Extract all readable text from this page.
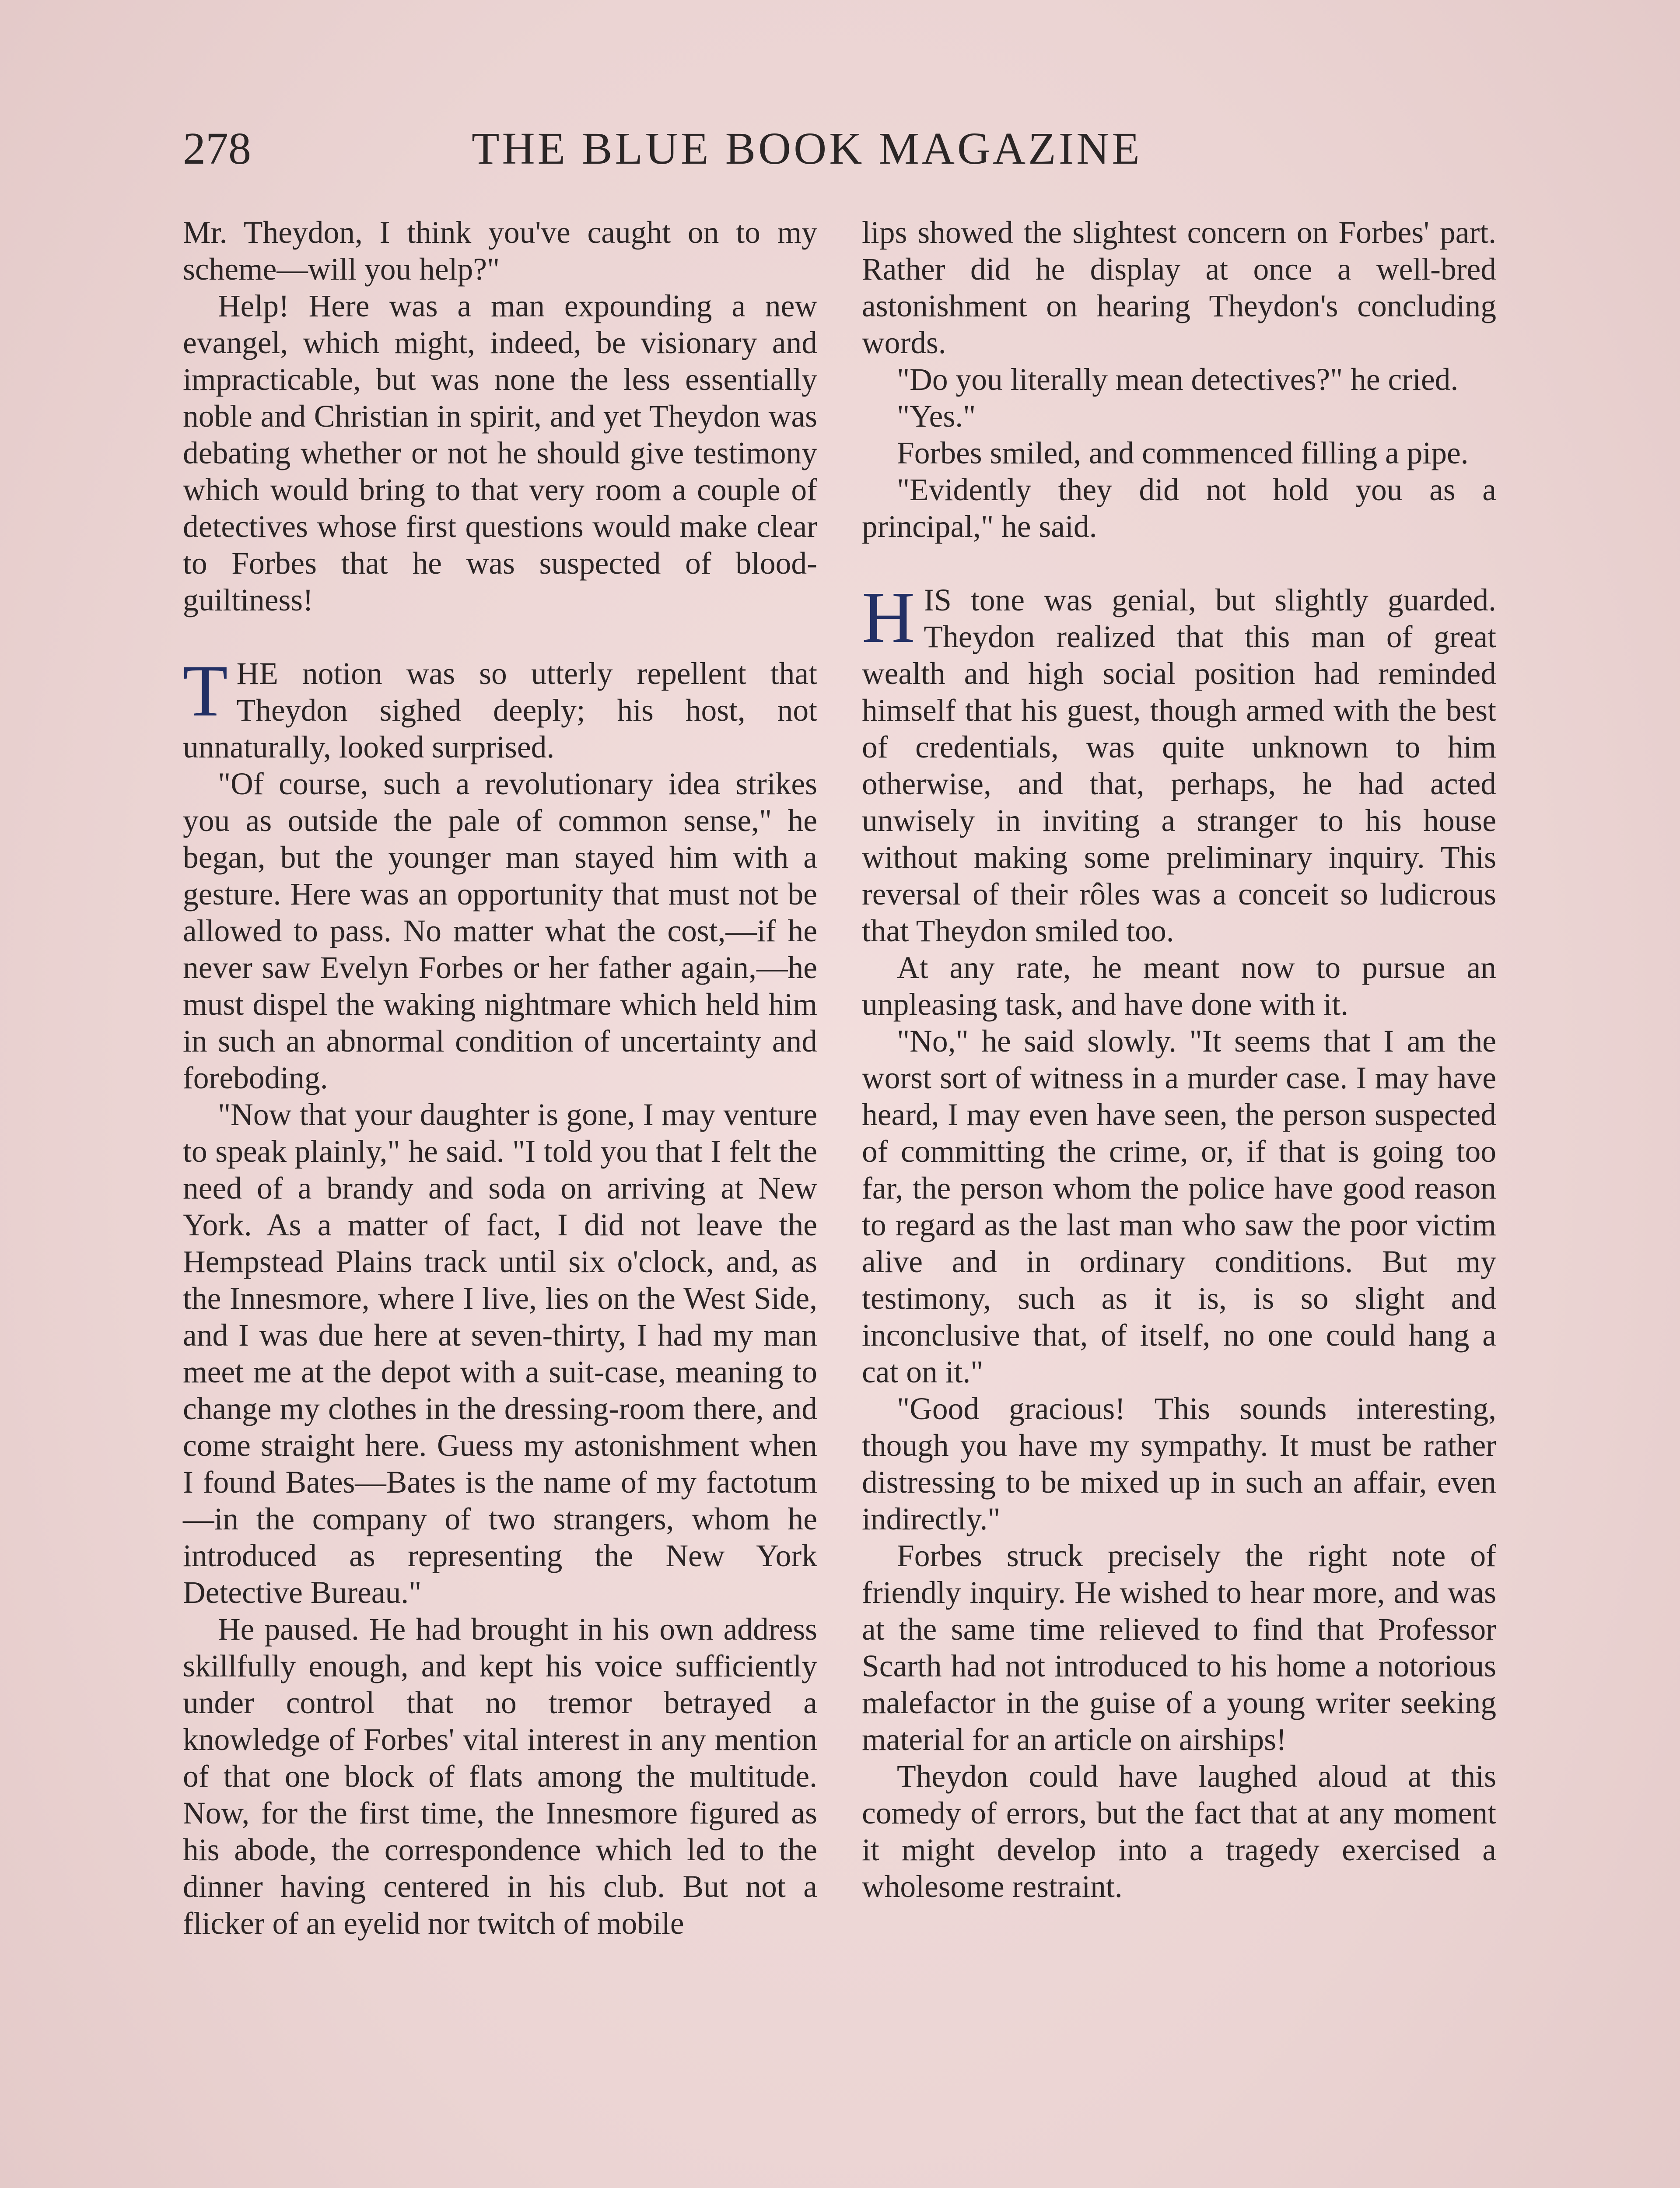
278	THE BLUE BOOK MAGAZINE

Mr. Theydon, I think you've caught on to my scheme—will you help?"

Help! Here was a man expounding a new evangel, which might, indeed, be visionary and impracticable, but was none the less essentially noble and Christian in spirit, and yet Theydon was debating whether or not he should give testimony which would bring to that very room a couple of detectives whose first questions would make clear to Forbes that he was suspected of blood-guiltiness!

THE notion was so utterly repellent that Theydon sighed deeply; his host, not unnaturally, looked surprised.

"Of course, such a revolutionary idea strikes you as outside the pale of common sense," he began, but the younger man stayed him with a gesture. Here was an opportunity that must not be allowed to pass. No matter what the cost,—if he never saw Evelyn Forbes or her father again,—he must dispel the waking nightmare which held him in such an abnormal condition of uncertainty and foreboding.

"Now that your daughter is gone, I may venture to speak plainly," he said. "I told you that I felt the need of a brandy and soda on arriving at New York. As a matter of fact, I did not leave the Hempstead Plains track until six o'clock, and, as the Innesmore, where I live, lies on the West Side, and I was due here at seven-thirty, I had my man meet me at the depot with a suit-case, meaning to change my clothes in the dressing-room there, and come straight here. Guess my astonishment when I found Bates—Bates is the name of my factotum—in the company of two strangers, whom he introduced as representing the New York Detective Bureau."

He paused. He had brought in his own address skillfully enough, and kept his voice sufficiently under control that no tremor betrayed a knowledge of Forbes' vital interest in any mention of that one block of flats among the multitude. Now, for the first time, the Innesmore figured as his abode, the correspondence which led to the dinner having centered in his club. But not a flicker of an eyelid nor twitch of mobile

lips showed the slightest concern on Forbes' part. Rather did he display at once a well-bred astonishment on hearing Theydon's concluding words.

"Do you literally mean detectives?" he cried.

"Yes."

Forbes smiled, and commenced filling a pipe.

"Evidently they did not hold you as a principal," he said.

HIS tone was genial, but slightly guarded. Theydon realized that this man of great wealth and high social position had reminded himself that his guest, though armed with the best of credentials, was quite unknown to him otherwise, and that, perhaps, he had acted unwisely in inviting a stranger to his house without making some preliminary inquiry. This reversal of their rôles was a conceit so ludicrous that Theydon smiled too.

At any rate, he meant now to pursue an unpleasing task, and have done with it.

"No," he said slowly. "It seems that I am the worst sort of witness in a murder case. I may have heard, I may even have seen, the person suspected of committing the crime, or, if that is going too far, the person whom the police have good reason to regard as the last man who saw the poor victim alive and in ordinary conditions. But my testimony, such as it is, is so slight and inconclusive that, of itself, no one could hang a cat on it."

"Good gracious! This sounds interesting, though you have my sympathy. It must be rather distressing to be mixed up in such an affair, even indirectly."

Forbes struck precisely the right note of friendly inquiry. He wished to hear more, and was at the same time relieved to find that Professor Scarth had not introduced to his home a notorious malefactor in the guise of a young writer seeking material for an article on airships!

Theydon could have laughed aloud at this comedy of errors, but the fact that at any moment it might develop into a tragedy exercised a wholesome restraint.
